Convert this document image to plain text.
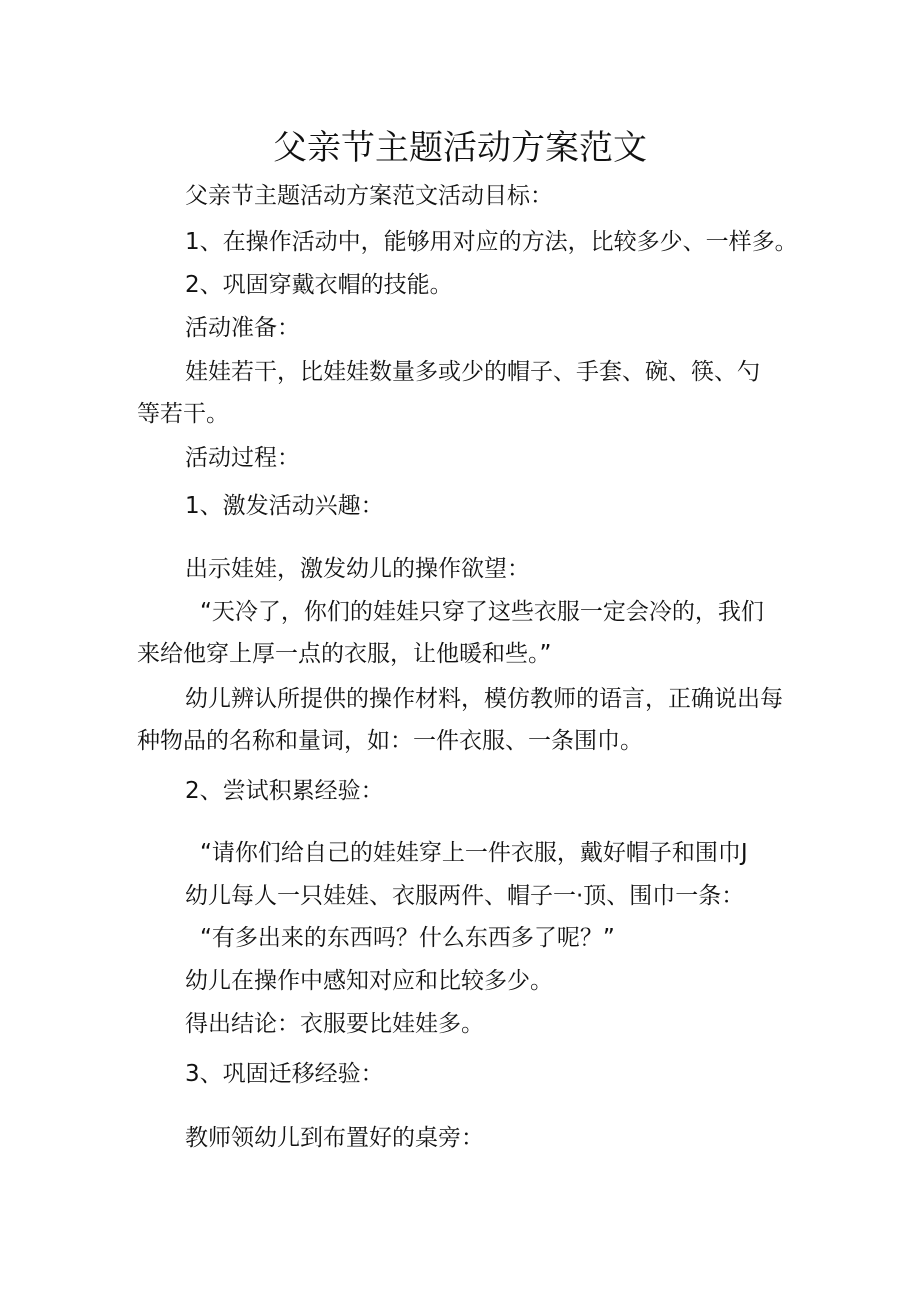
父亲节主题活动方案范文

父亲节主题活动方案范文活动目标：

1、在操作活动中，能够用对应的方法，比较多少、一样多。

2、巩固穿戴衣帽的技能。

活动准备：

娃娃若干，比娃娃数量多或少的帽子、手套、碗、筷、勺

等若干。

活动过程：

1、激发活动兴趣：

出示娃娃，激发幼儿的操作欲望：

“天冷了，你们的娃娃只穿了这些衣服一定会冷的，我们

来给他穿上厚一点的衣服，让他暖和些。”

幼儿辨认所提供的操作材料，模仿教师的语言，正确说出每

种物品的名称和量词，如：一件衣服、一条围巾。

2、尝试积累经验：

“请你们给自己的娃娃穿上一件衣服，戴好帽子和围巾J

幼儿每人一只娃娃、衣服两件、帽子一·顶、围巾一条：

“有多出来的东西吗？什么东西多了呢？”

幼儿在操作中感知对应和比较多少。

得出结论：衣服要比娃娃多。

3、巩固迁移经验：

教师领幼儿到布置好的桌旁：
